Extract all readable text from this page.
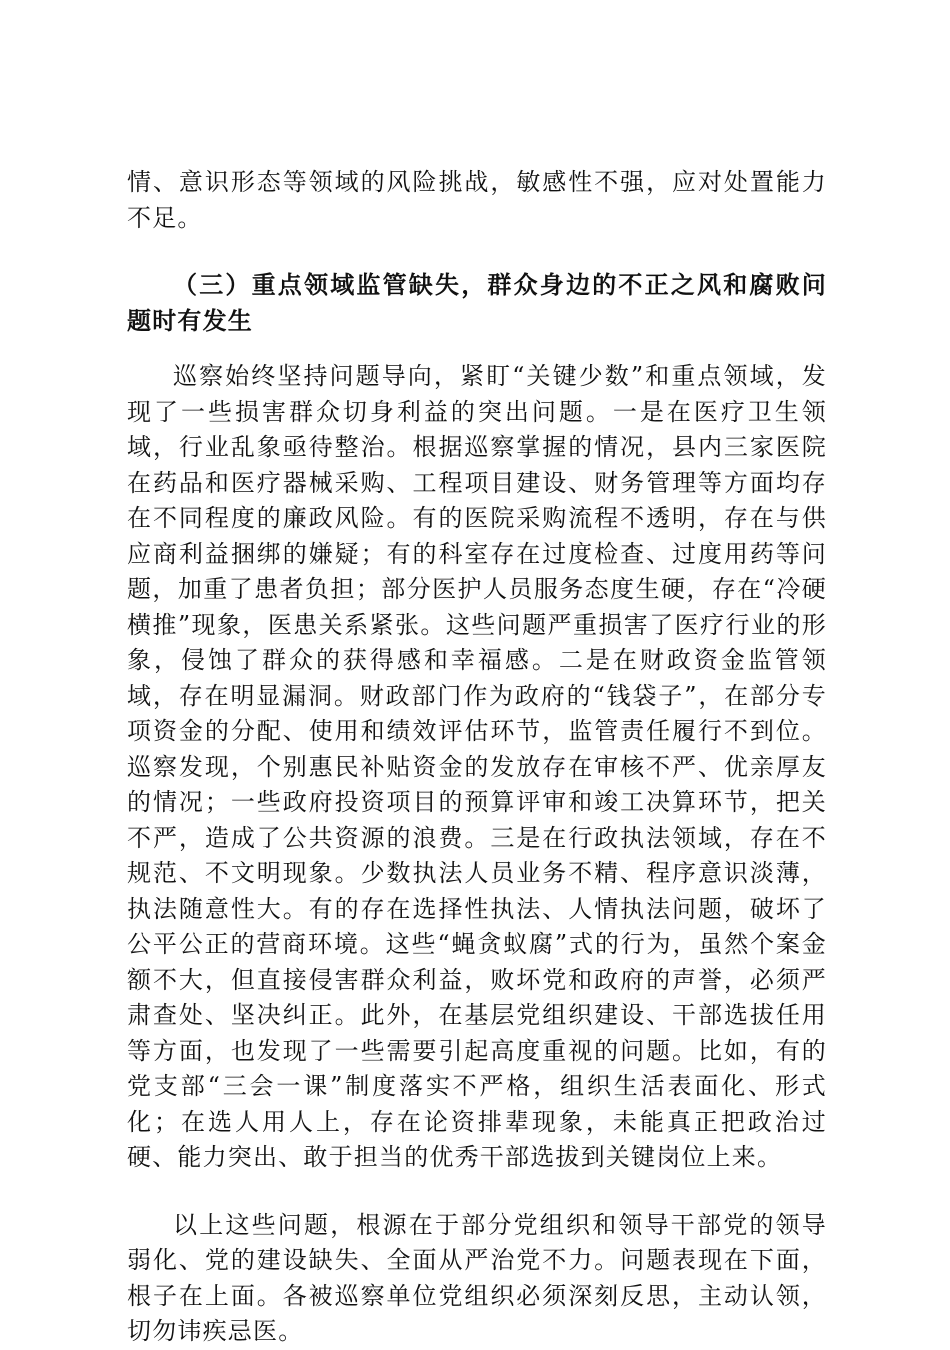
情、意识形态等领域的风险挑战，敏感性不强，应对处置能力不足。

（三）重点领域监管缺失，群众身边的不正之风和腐败问题时有发生

巡察始终坚持问题导向，紧盯“关键少数”和重点领域，发现了一些损害群众切身利益的突出问题。一是在医疗卫生领域，行业乱象亟待整治。根据巡察掌握的情况，县内三家医院在药品和医疗器械采购、工程项目建设、财务管理等方面均存在不同程度的廉政风险。有的医院采购流程不透明，存在与供应商利益捆绑的嫌疑；有的科室存在过度检查、过度用药等问题，加重了患者负担；部分医护人员服务态度生硬，存在“冷硬横推”现象，医患关系紧张。这些问题严重损害了医疗行业的形象，侵蚀了群众的获得感和幸福感。二是在财政资金监管领域，存在明显漏洞。财政部门作为政府的“钱袋子”，在部分专项资金的分配、使用和绩效评估环节，监管责任履行不到位。巡察发现，个别惠民补贴资金的发放存在审核不严、优亲厚友的情况；一些政府投资项目的预算评审和竣工决算环节，把关不严，造成了公共资源的浪费。三是在行政执法领域，存在不规范、不文明现象。少数执法人员业务不精、程序意识淡薄，执法随意性大。有的存在选择性执法、人情执法问题，破坏了公平公正的营商环境。这些“蝇贪蚁腐”式的行为，虽然个案金额不大，但直接侵害群众利益，败坏党和政府的声誉，必须严肃查处、坚决纠正。此外，在基层党组织建设、干部选拔任用等方面，也发现了一些需要引起高度重视的问题。比如，有的党支部“三会一课”制度落实不严格，组织生活表面化、形式化；在选人用人上，存在论资排辈现象，未能真正把政治过硬、能力突出、敢于担当的优秀干部选拔到关键岗位上来。

以上这些问题，根源在于部分党组织和领导干部党的领导弱化、党的建设缺失、全面从严治党不力。问题表现在下面，根子在上面。各被巡察单位党组织必须深刻反思，主动认领，切勿讳疾忌医。
